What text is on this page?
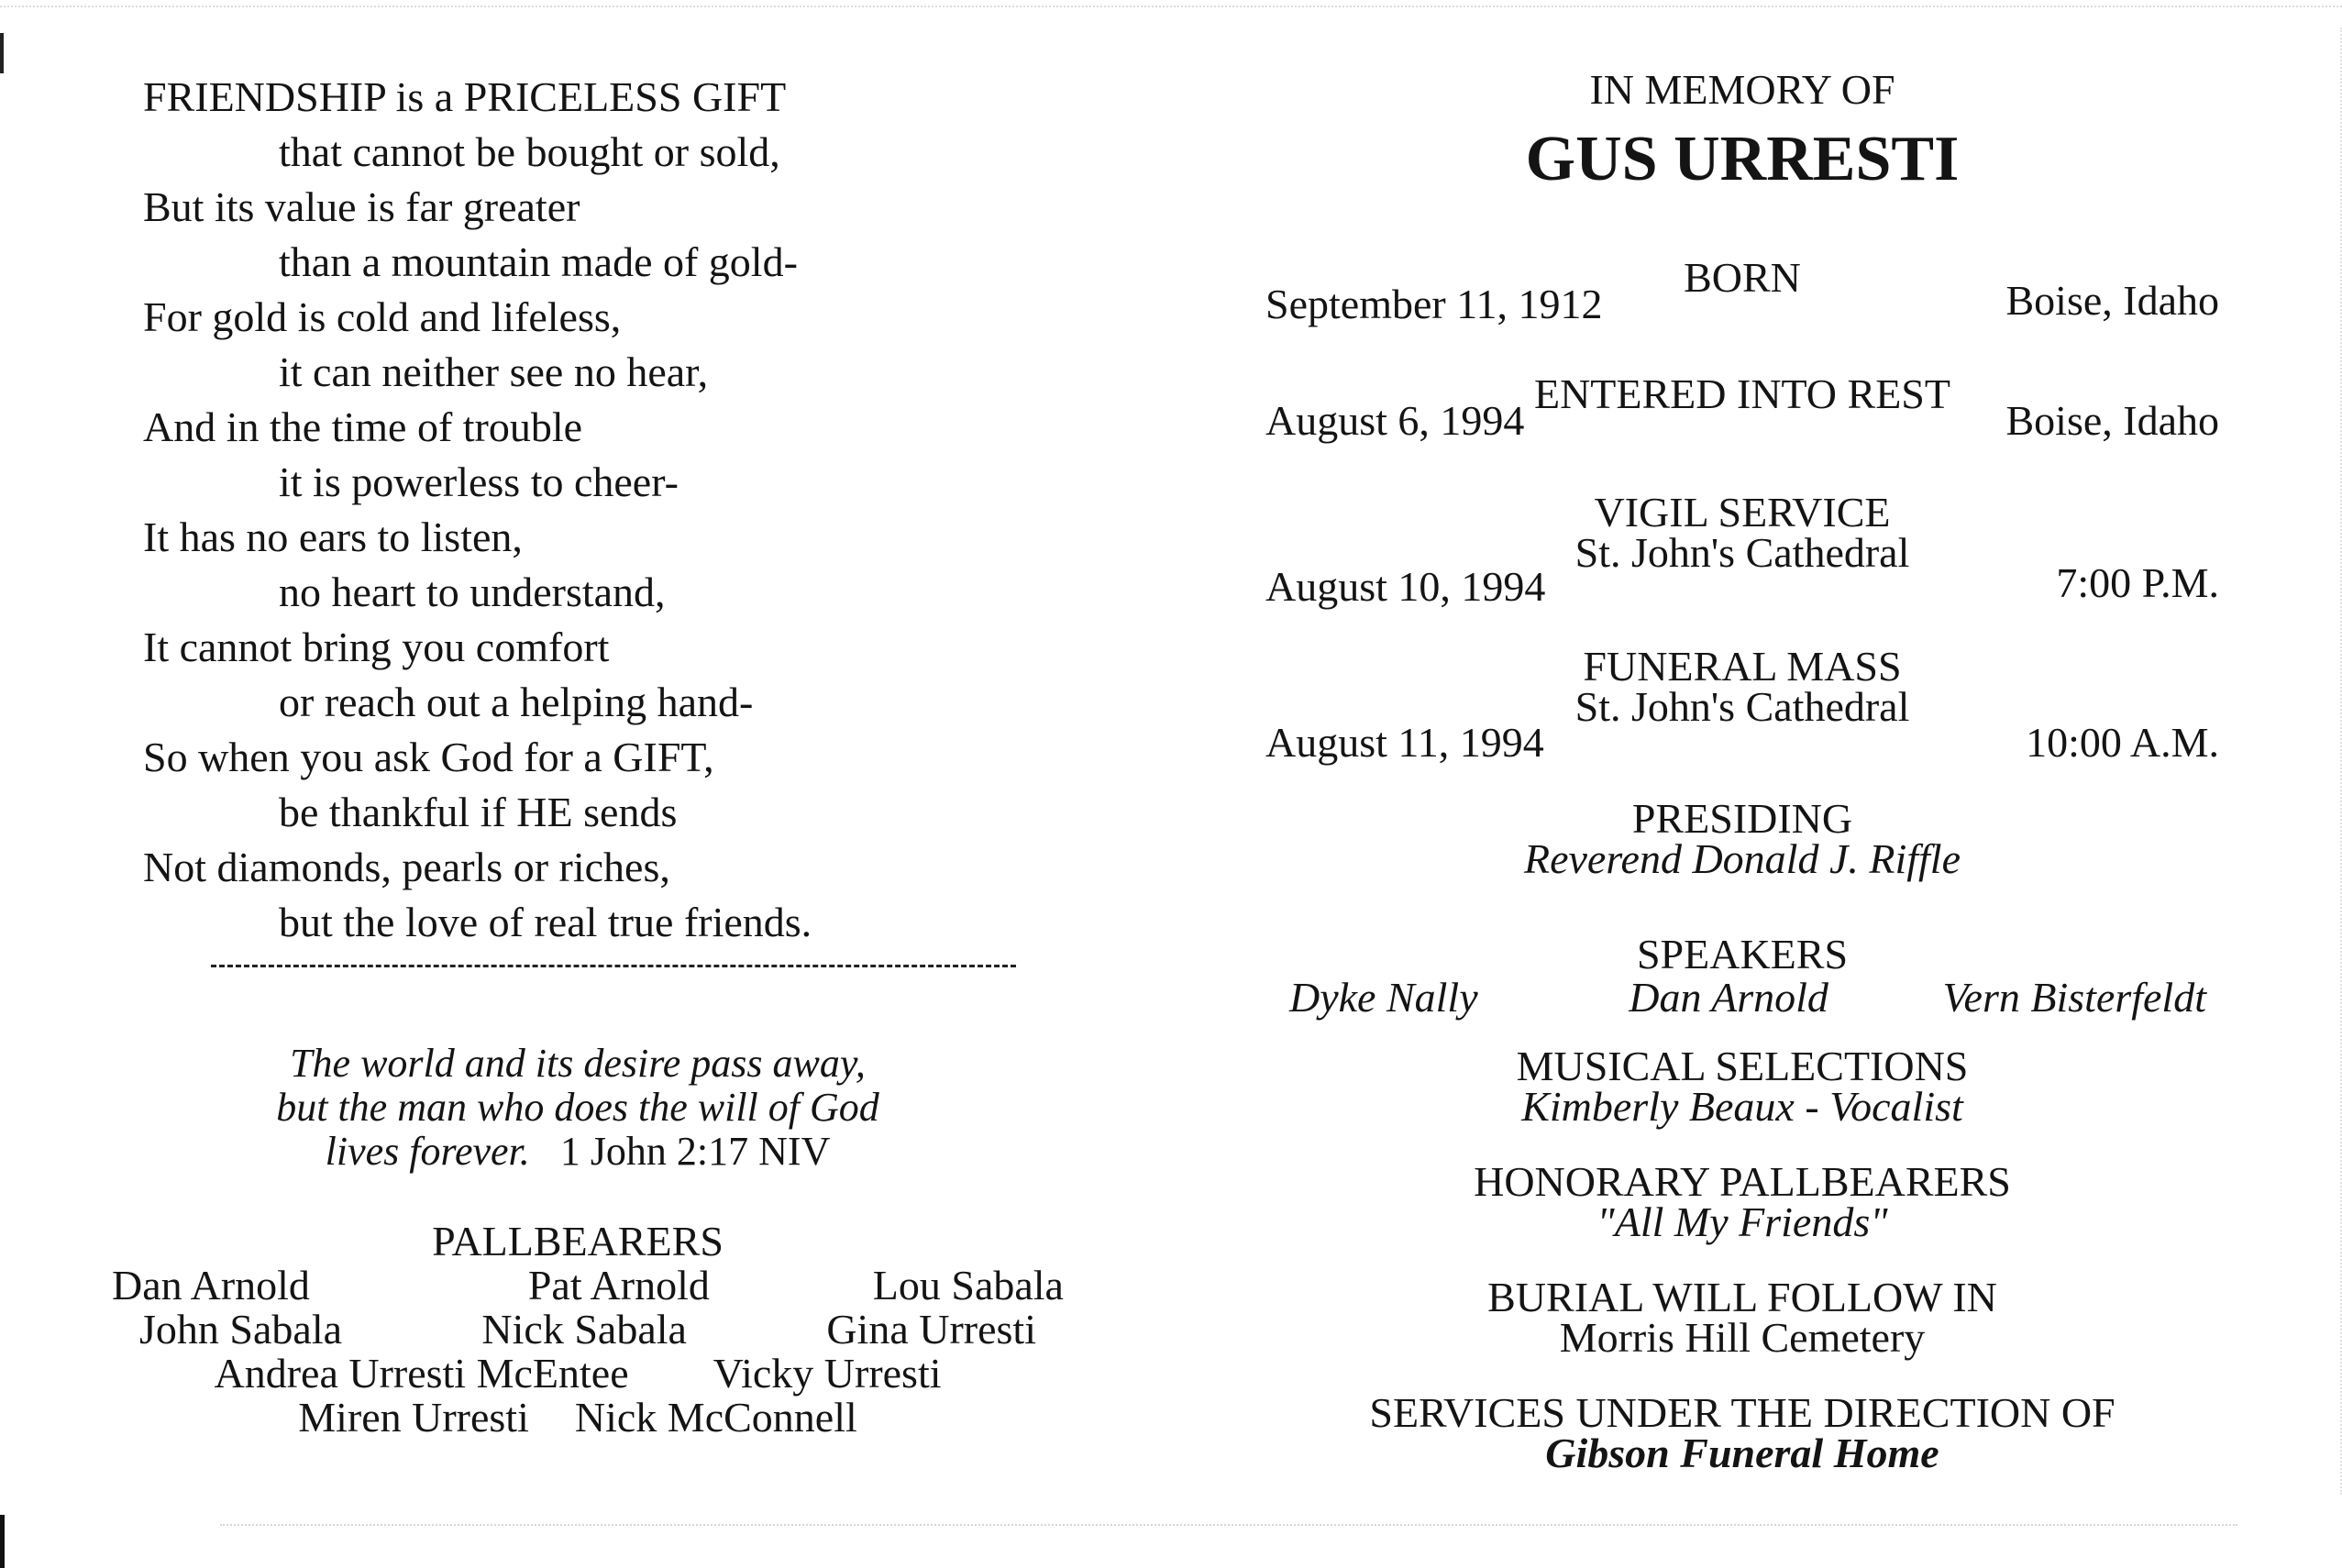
FRIENDSHIP is a PRICELESS GIFT
that cannot be bought or sold,
But its value is far greater
than a mountain made of gold-
For gold is cold and lifeless,
it can neither see no hear,
And in the time of trouble
it is powerless to cheer-
It has no ears to listen,
no heart to understand,
It cannot bring you comfort
or reach out a helping hand-
So when you ask God for a GIFT,
be thankful if HE sends
Not diamonds, pearls or riches,
but the love of real true friends.
The world and its desire pass away,
but the man who does the will of God
lives forever. 1 John 2:17 NIV
PALLBEARERS
Dan Arnold	Pat Arnold	Lou Sabala
John Sabala	Nick Sabala	Gina Urresti
Andrea Urresti McEntee Vicky Urresti
Miren Urresti Nick McConnell
IN MEMORY OF
GUS URRESTI
BORN
September 11, 1912	Boise, Idaho
ENTERED INTO REST
August 6, 1994	Boise, Idaho
VIGIL SERVICE
St. John's Cathedral
August 10, 1994	7:00 P.M.
FUNERAL MASS
St. John's Cathedral
August 11, 1994	10:00 A.M.
PRESIDING
Reverend Donald J. Riffle
SPEAKERS
Dyke Nally	Dan Arnold	Vern Bisterfeldt
MUSICAL SELECTIONS
Kimberly Beaux - Vocalist
HONORARY PALLBEARERS
"All My Friends"
BURIAL WILL FOLLOW IN
Morris Hill Cemetery
SERVICES UNDER THE DIRECTION OF
Gibson Funeral Home
